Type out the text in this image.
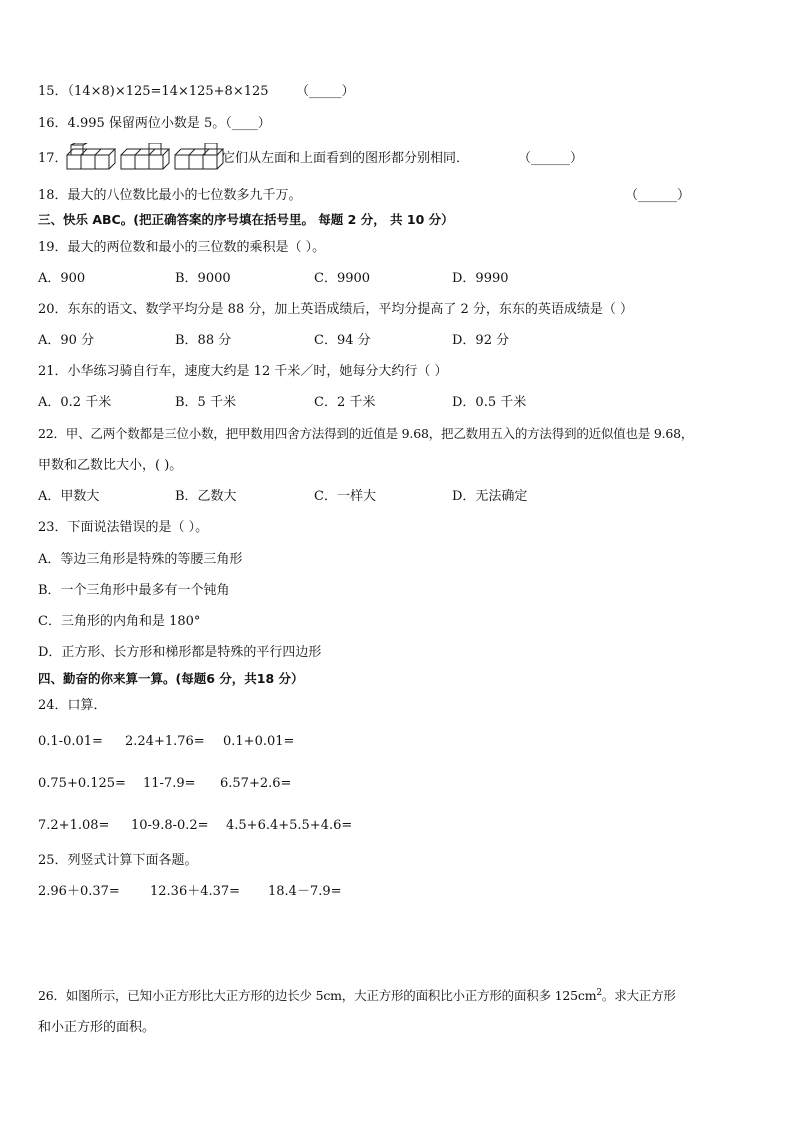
15．（14×8)×125=14×125+8×125 （_____）
16．4.995 保留两位小数是 5。（____）
17．	它们从左面和上面看到的图形都分别相同．	（______）
18．最大的八位数比最小的七位数多九千万。	（______）
三、快乐 ABC。(把正确答案的序号填在括号里。 每题 2 分， 共 10 分）
19．最大的两位数和最小的三位数的乘积是（ ）。
A．900	B．9000	C．9900	D．9990
20．东东的语文、数学平均分是 88 分，加上英语成绩后，平均分提高了 2 分，东东的英语成绩是（ ）
A．90 分	B．88 分	C．94 分	D．92 分
21．小华练习骑自行车，速度大约是 12 千米／时，她每分大约行（ ）
A．0.2 千米	B．5 千米	C．2 千米	D．0.5 千米
22．甲、乙两个数都是三位小数，把甲数用四舍方法得到的近值是 9.68，把乙数用五入的方法得到的近似值也是 9.68，
甲数和乙数比大小，( )。
A．甲数大	B．乙数大	C．一样大	D．无法确定
23．下面说法错误的是（ ）。
A．等边三角形是特殊的等腰三角形
B．一个三角形中最多有一个钝角
C．三角形的内角和是 180°
D．正方形、长方形和梯形都是特殊的平行四边形
四、勤奋的你来算一算。(每题6 分，共18 分）
24．口算．
0.1-0.01= 2.24+1.76= 0.1+0.01=
0.75+0.125= 11-7.9= 6.57+2.6=
7.2+1.08= 10-9.8-0.2= 4.5+6.4+5.5+4.6=
25．列竖式计算下面各题。
2.96＋0.37= 12.36＋4.37= 18.4－7.9=
26．如图所示，已知小正方形比大正方形的边长少 5cm，大正方形的面积比小正方形的面积多 $125cm^2$。求大正方形
和小正方形的面积。
